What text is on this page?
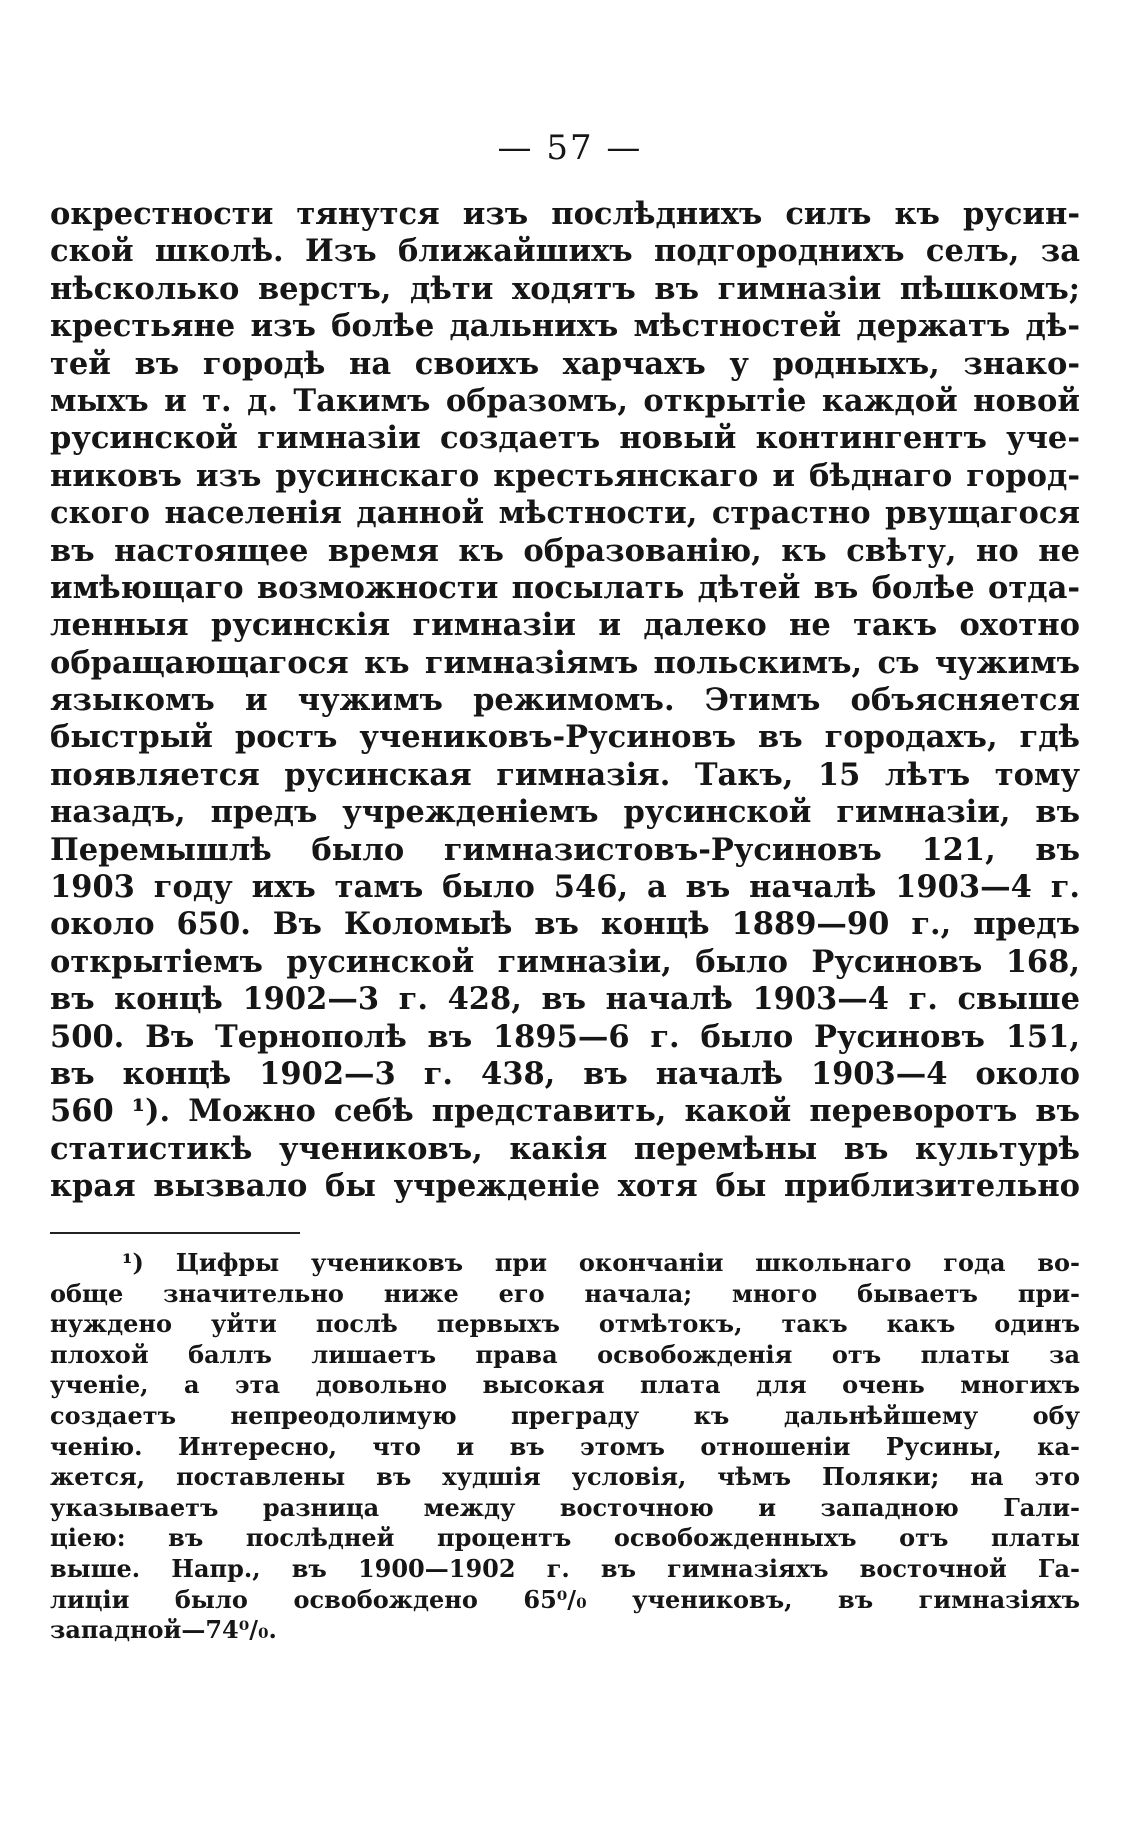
— 57 —
окрестности тянутся изъ послѣднихъ силъ къ русин-
ской школѣ. Изъ ближайшихъ подгороднихъ селъ, за
нѣсколько верстъ, дѣти ходятъ въ гимназіи пѣшкомъ;
крестьяне изъ болѣе дальнихъ мѣстностей держатъ дѣ-
тей въ городѣ на своихъ харчахъ у родныхъ, знако-
мыхъ и т. д. Такимъ образомъ, открытіе каждой новой
русинской гимназіи создаетъ новый контингентъ уче-
никовъ изъ русинскаго крестьянскаго и бѣднаго город-
ского населенія данной мѣстности, страстно рвущагося
въ настоящее время къ образованію, къ свѣту, но не
имѣющаго возможности посылать дѣтей въ болѣе отда-
ленныя русинскія гимназіи и далеко не такъ охотно
обращающагося къ гимназіямъ польскимъ, съ чужимъ
языкомъ и чужимъ режимомъ. Этимъ объясняется
быстрый ростъ учениковъ-Русиновъ въ городахъ, гдѣ
появляется русинская гимназія. Такъ, 15 лѣтъ тому
назадъ, предъ учрежденіемъ русинской гимназіи, въ
Перемышлѣ было гимназистовъ-Русиновъ 121, въ
1903 году ихъ тамъ было 546, а въ началѣ 1903—4 г.
около 650. Въ Коломыѣ въ концѣ 1889—90 г., предъ
открытіемъ русинской гимназіи, было Русиновъ 168,
въ концѣ 1902—3 г. 428, въ началѣ 1903—4 г. свыше
500. Въ Тернополѣ въ 1895—6 г. было Русиновъ 151,
въ концѣ 1902—3 г. 438, въ началѣ 1903—4 около
560 ¹). Можно себѣ представить, какой переворотъ въ
статистикѣ учениковъ, какія перемѣны въ культурѣ
края вызвало бы учрежденіе хотя бы приблизительно
¹) Цифры учениковъ при окончаніи школьнаго года во-
обще значительно ниже его начала; много бываетъ при-
нуждено уйти послѣ первыхъ отмѣтокъ, такъ какъ одинъ
плохой баллъ лишаетъ права освобожденія отъ платы за
ученіе, а эта довольно высокая плата для очень многихъ
создаетъ непреодолимую преграду къ дальнѣйшему обу
ченію. Интересно, что и въ этомъ отношеніи Русины, ка-
жется, поставлены въ худшія условія, чѣмъ Поляки; на это
указываетъ разница между восточною и западною Гали-
ціею: въ послѣдней процентъ освобожденныхъ отъ платы
выше. Напр., въ 1900—1902 г. въ гимназіяхъ восточной Га-
лиціи было освобождено 65⁰/₀ учениковъ, въ гимназіяхъ
западной—74⁰/₀.
